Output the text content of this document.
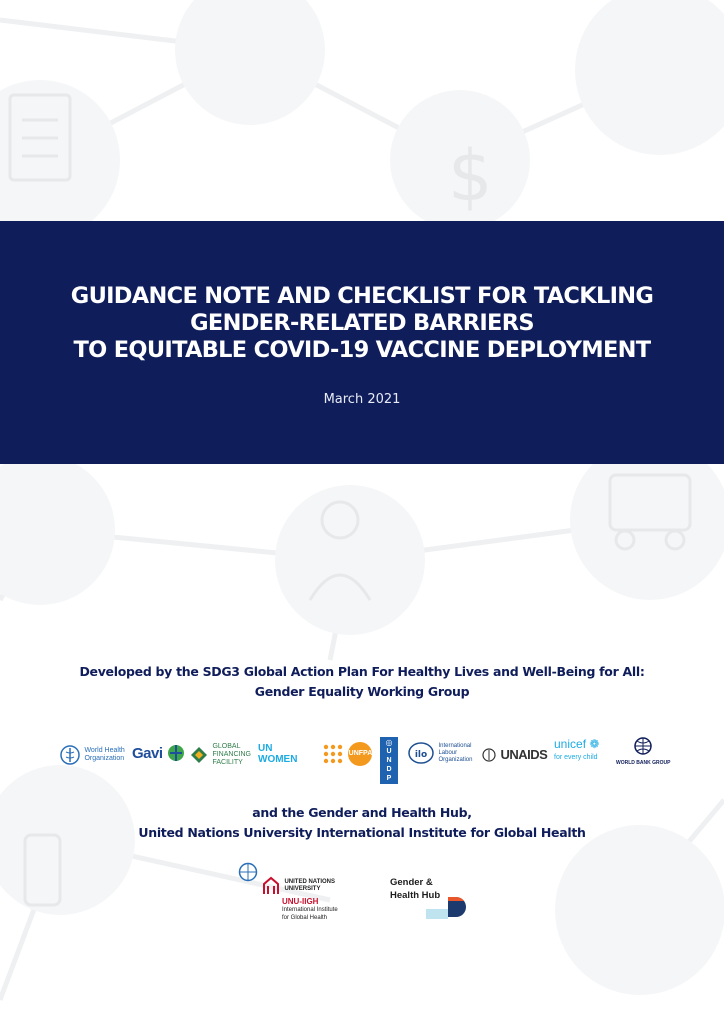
$
GUIDANCE NOTE AND CHECKLIST FOR TACKLING
GENDER-RELATED BARRIERS
TO EQUITABLE COVID-19 VACCINE DEPLOYMENT
March 2021
Developed by the SDG3 Global Action Plan For Healthy Lives and Well-Being for All:
Gender Equality Working Group
World Health
Organization Gavi	GLOBAL
FINANCING
FACILITY
UN
WOMEN
UNFPA
◎
U
N
D
P
ilo
International
Labour
Organization	UNAIDS
unicef ❁
for every child
WORLD BANK GROUP
and the Gender and Health Hub,
United Nations University International Institute for Global Health
UNITED NATIONS
UNIVERSITY
UNU-IIGH
International Institute
for Global Health
Gender &
Health Hub
